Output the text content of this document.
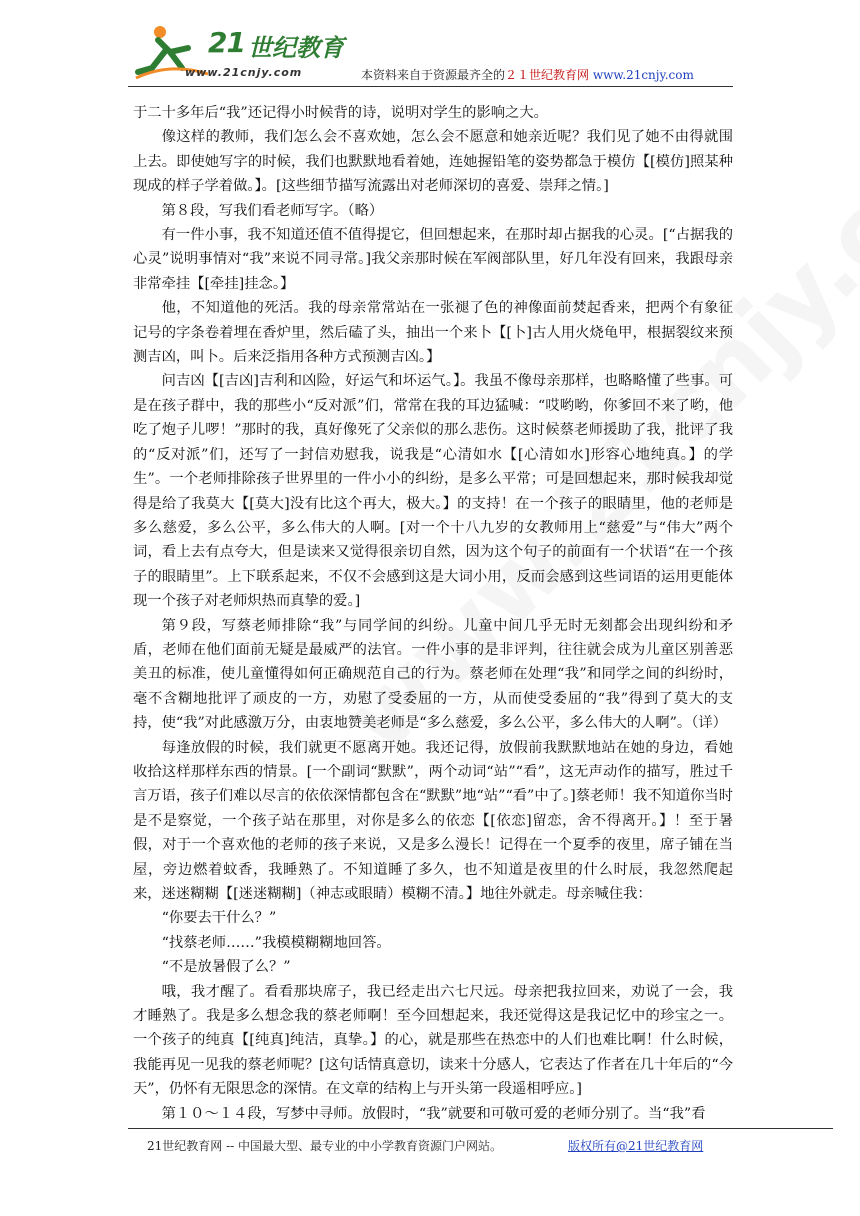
21 世纪教育
www.21cnjy.com	本资料来自于资源最齐全的２１世纪教育网 www.21cnjy.com

于二十多年后“我”还记得小时候背的诗，说明对学生的影响之大。

像这样的教师，我们怎么会不喜欢她，怎么会不愿意和她亲近呢？我们见了她不由得就围上去。即使她写字的时候，我们也默默地看着她，连她握铅笔的姿势都急于模仿【[模仿]照某种现成的样子学着做。】。[这些细节描写流露出对老师深切的喜爱、崇拜之情。]

第８段，写我们看老师写字。（略）

有一件小事，我不知道还值不值得提它，但回想起来，在那时却占据我的心灵。[“占据我的心灵”说明事情对“我”来说不同寻常。]我父亲那时候在军阀部队里，好几年没有回来，我跟母亲非常牵挂【[牵挂]挂念。】

他，不知道他的死活。我的母亲常常站在一张褪了色的神像面前焚起香来，把两个有象征记号的字条卷着埋在香炉里，然后磕了头，抽出一个来卜【[卜]古人用火烧龟甲，根据裂纹来预测吉凶，叫卜。后来泛指用各种方式预测吉凶。】

问吉凶【[吉凶]吉利和凶险，好运气和坏运气。】。我虽不像母亲那样，也略略懂了些事。可是在孩子群中，我的那些小“反对派”们，常常在我的耳边猛喊：“哎哟哟，你爹回不来了哟，他吃了炮子儿啰！”那时的我，真好像死了父亲似的那么悲伤。这时候蔡老师援助了我，批评了我的“反对派”们，还写了一封信劝慰我，说我是“心清如水【[心清如水]形容心地纯真。】的学生”。一个老师排除孩子世界里的一件小小的纠纷，是多么平常；可是回想起来，那时候我却觉得是给了我莫大【[莫大]没有比这个再大，极大。】的支持！在一个孩子的眼睛里，他的老师是多么慈爱，多么公平，多么伟大的人啊。[对一个十八九岁的女教师用上“慈爱”与“伟大”两个词，看上去有点夸大，但是读来又觉得很亲切自然，因为这个句子的前面有一个状语“在一个孩子的眼睛里”。上下联系起来，不仅不会感到这是大词小用，反而会感到这些词语的运用更能体现一个孩子对老师炽热而真挚的爱。]

第９段，写蔡老师排除“我”与同学间的纠纷。儿童中间几乎无时无刻都会出现纠纷和矛盾，老师在他们面前无疑是最威严的法官。一件小事的是非评判，往往就会成为儿童区别善恶美丑的标准，使儿童懂得如何正确规范自己的行为。蔡老师在处理“我”和同学之间的纠纷时，毫不含糊地批评了顽皮的一方，劝慰了受委屈的一方，从而使受委屈的“我”得到了莫大的支持，使“我”对此感激万分，由衷地赞美老师是“多么慈爱，多么公平，多么伟大的人啊”。（详）

每逢放假的时候，我们就更不愿离开她。我还记得，放假前我默默地站在她的身边，看她收拾这样那样东西的情景。[一个副词“默默”，两个动词“站”“看”，这无声动作的描写，胜过千言万语，孩子们难以尽言的依依深情都包含在“默默”地“站”“看”中了。]蔡老师！我不知道你当时是不是察觉，一个孩子站在那里，对你是多么的依恋【[依恋]留恋，舍不得离开。】！至于暑假，对于一个喜欢他的老师的孩子来说，又是多么漫长！记得在一个夏季的夜里，席子铺在当屋，旁边燃着蚊香，我睡熟了。不知道睡了多久，也不知道是夜里的什么时辰，我忽然爬起来，迷迷糊糊【[迷迷糊糊]（神志或眼睛）模糊不清。】地往外就走。母亲喊住我：

“你要去干什么？”

“找蔡老师……”我模模糊糊地回答。

“不是放暑假了么？”

哦，我才醒了。看看那块席子，我已经走出六七尺远。母亲把我拉回来，劝说了一会，我才睡熟了。我是多么想念我的蔡老师啊！至今回想起来，我还觉得这是我记忆中的珍宝之一。一个孩子的纯真【[纯真]纯洁，真挚。】的心，就是那些在热恋中的人们也难比啊！什么时候，我能再见一见我的蔡老师呢？[这句话情真意切，读来十分感人，它表达了作者在几十年后的“今天”，仍怀有无限思念的深情。在文章的结构上与开头第一段遥相呼应。]

第１０～１４段，写梦中寻师。放假时，“我”就要和可敬可爱的老师分别了。当“我”看

21世纪教育网 -- 中国最大型、最专业的中小学教育资源门户网站。	版权所有@21世纪教育网
